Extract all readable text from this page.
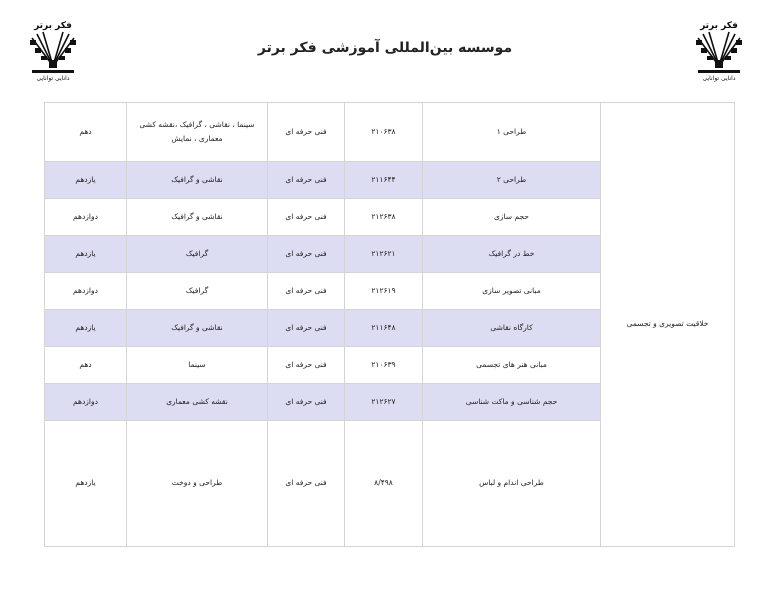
فکر برتر
دانایی توانایی
فکر برتر
دانایی توانایی
موسسه بین‌المللی آموزشی فکر برتر
خلاقیت تصویری و تجسمی	طراحی ۱	۲۱۰۶۳۸	فنی حرفه ای	سینما ، نقاشی ، گرافیک ،نقشه کشی معماری ، نمایش	دهم
	طراحی ۲	۲۱۱۶۴۴	فنی حرفه ای	نقاشی و گرافیک	یازدهم
	حجم سازی	۲۱۲۶۳۸	فنی حرفه ای	نقاشی و گرافیک	دوازدهم
	خط در گرافیک	۲۱۲۶۲۱	فنی حرفه ای	گرافیک	یازدهم
	مبانی تصویر سازی	۲۱۲۶۱۹	فنی حرفه ای	گرافیک	دوازدهم
	کارگاه نقاشی	۲۱۱۶۴۸	فنی حرفه ای	نقاشی و گرافیک	یازدهم
	مبانی هنر های تجسمی	۲۱۰۶۳۹	فنی حرفه ای	سینما	دهم
	حجم شناسی و ماکت شناسی	۲۱۲۶۲۷	فنی حرفه ای	نقشه کشی معماری	دوازدهم
	طراحی اندام و لباس	۸/۴۹۸	فنی حرفه ای	طراحی و دوخت	یازدهم
